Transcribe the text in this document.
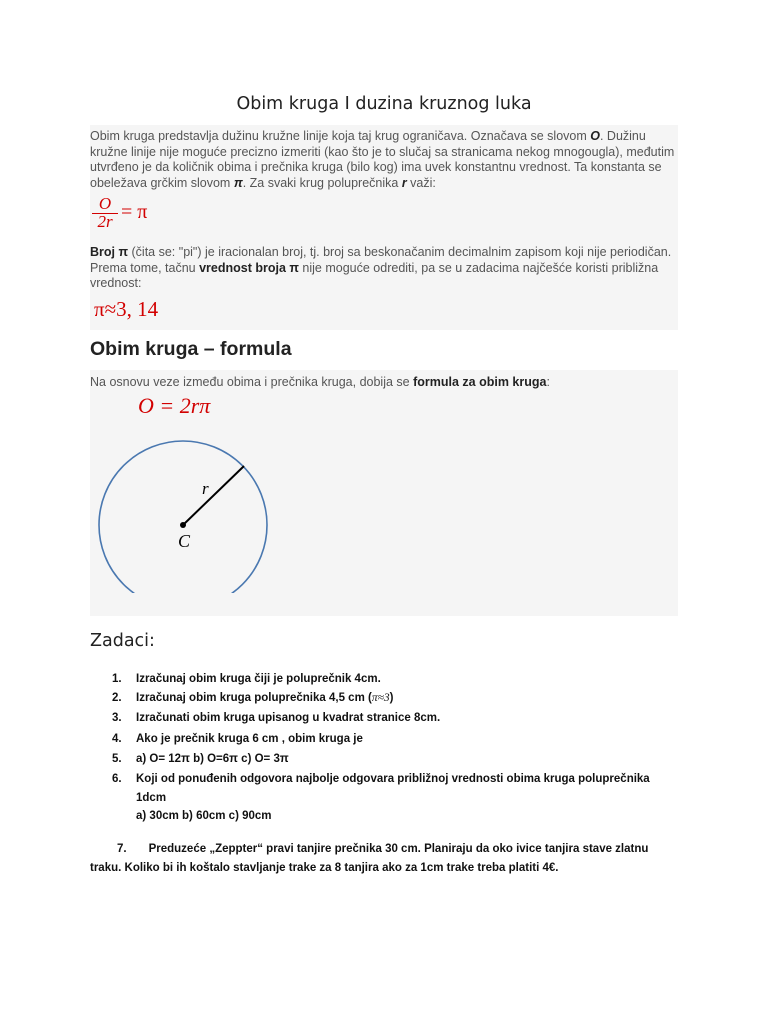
Obim kruga I duzina kruznog luka

Obim kruga predstavlja dužinu kružne linije koja taj krug ograničava. Označava se slovom O. Dužinu kružne linije nije moguće precizno izmeriti (kao što je to slučaj sa stranicama nekog mnogougla), međutim utvrđeno je da količnik obima i prečnika kruga (bilo kog) ima uvek konstantnu vrednost. Ta konstanta se obeležava grčkim slovom π. Za svaki krug poluprečnika r važi:

$\frac{O}{2r} = \pi$

Broj π (čita se: "pi") je iracionalan broj, tj. broj sa beskonačanim decimalnim zapisom koji nije periodičan. Prema tome, tačnu vrednost broja π nije moguće odrediti, pa se u zadacima najčešće koristi približna vrednost:

π≈3, 14
Obim kruga – formula

Na osnovu veze između obima i prečnika kruga, dobija se formula za obim kruga:

O = 2rπ
r
C
Zadaci:
1.	Izračunaj obim kruga čiji je poluprečnik 4cm.
2.	Izračunaj obim kruga poluprečnika 4,5 cm (π≈3)
3.	Izračunati obim kruga upisanog u kvadrat stranice 8cm.
4.	Ako je prečnik kruga 6 cm , obim kruga je
5.	a) O= 12π b) O=6π c) O= 3π
6.	Koji od ponuđenih odgovora najbolje odgovara približnoj vrednosti obima kruga poluprečnika 1dcm
a) 30cm b) 60cm c) 90cm
7. Preduzeće „Zeppter“ pravi tanjire prečnika 30 cm. Planiraju da oko ivice tanjira stave zlatnu traku. Koliko bi ih koštalo stavljanje trake za 8 tanjira ako za 1cm trake treba platiti 4€.
